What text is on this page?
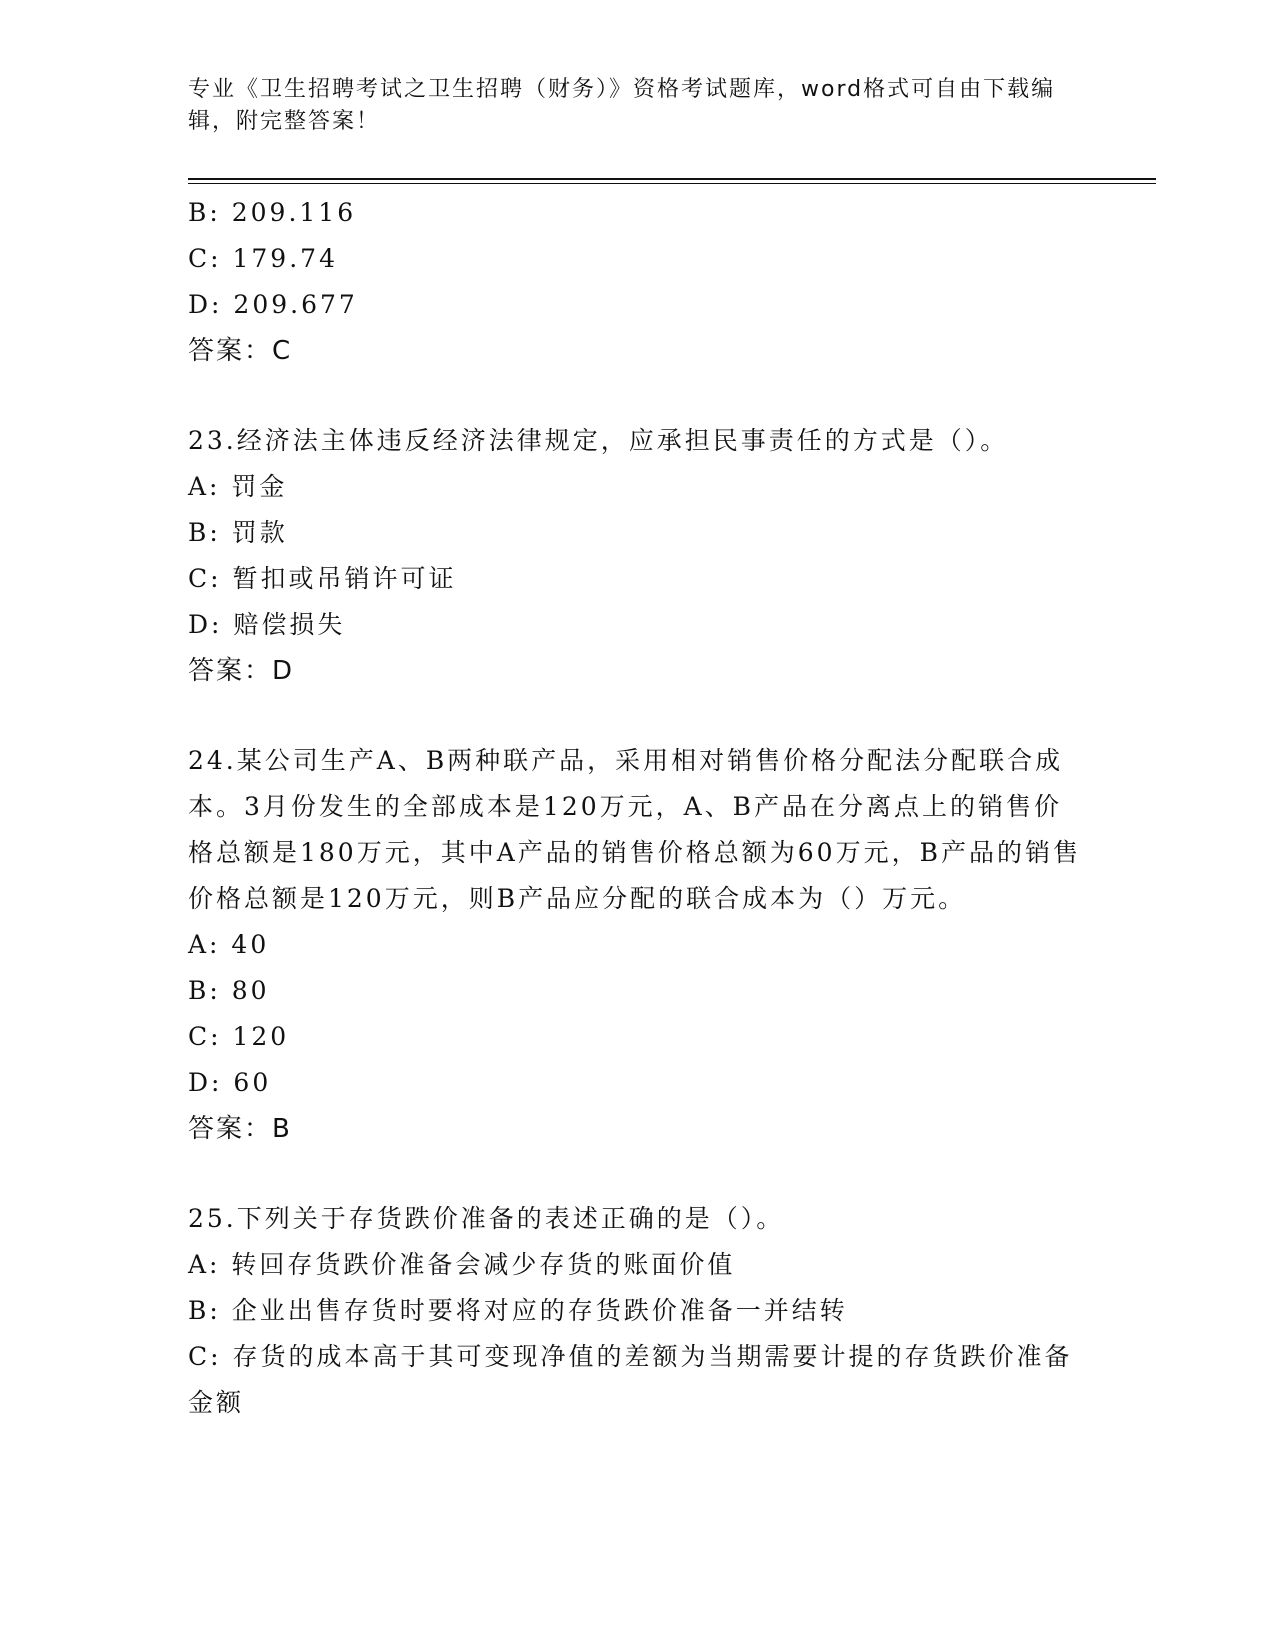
专业《卫生招聘考试之卫生招聘（财务）》资格考试题库，word格式可自由下载编辑，附完整答案！
B: 209.116
C: 179.74
D: 209.677
答案：C
23.经济法主体违反经济法律规定，应承担民事责任的方式是（）。
A: 罚金
B: 罚款
C: 暂扣或吊销许可证
D: 赔偿损失
答案：D
24.某公司生产A、B两种联产品，采用相对销售价格分配法分配联合成本。3月份发生的全部成本是120万元，A、B产品在分离点上的销售价格总额是180万元，其中A产品的销售价格总额为60万元，B产品的销售价格总额是120万元，则B产品应分配的联合成本为（）万元。
A: 40
B: 80
C: 120
D: 60
答案：B
25.下列关于存货跌价准备的表述正确的是（）。
A: 转回存货跌价准备会减少存货的账面价值
B: 企业出售存货时要将对应的存货跌价准备一并结转
C: 存货的成本高于其可变现净值的差额为当期需要计提的存货跌价准备金额
